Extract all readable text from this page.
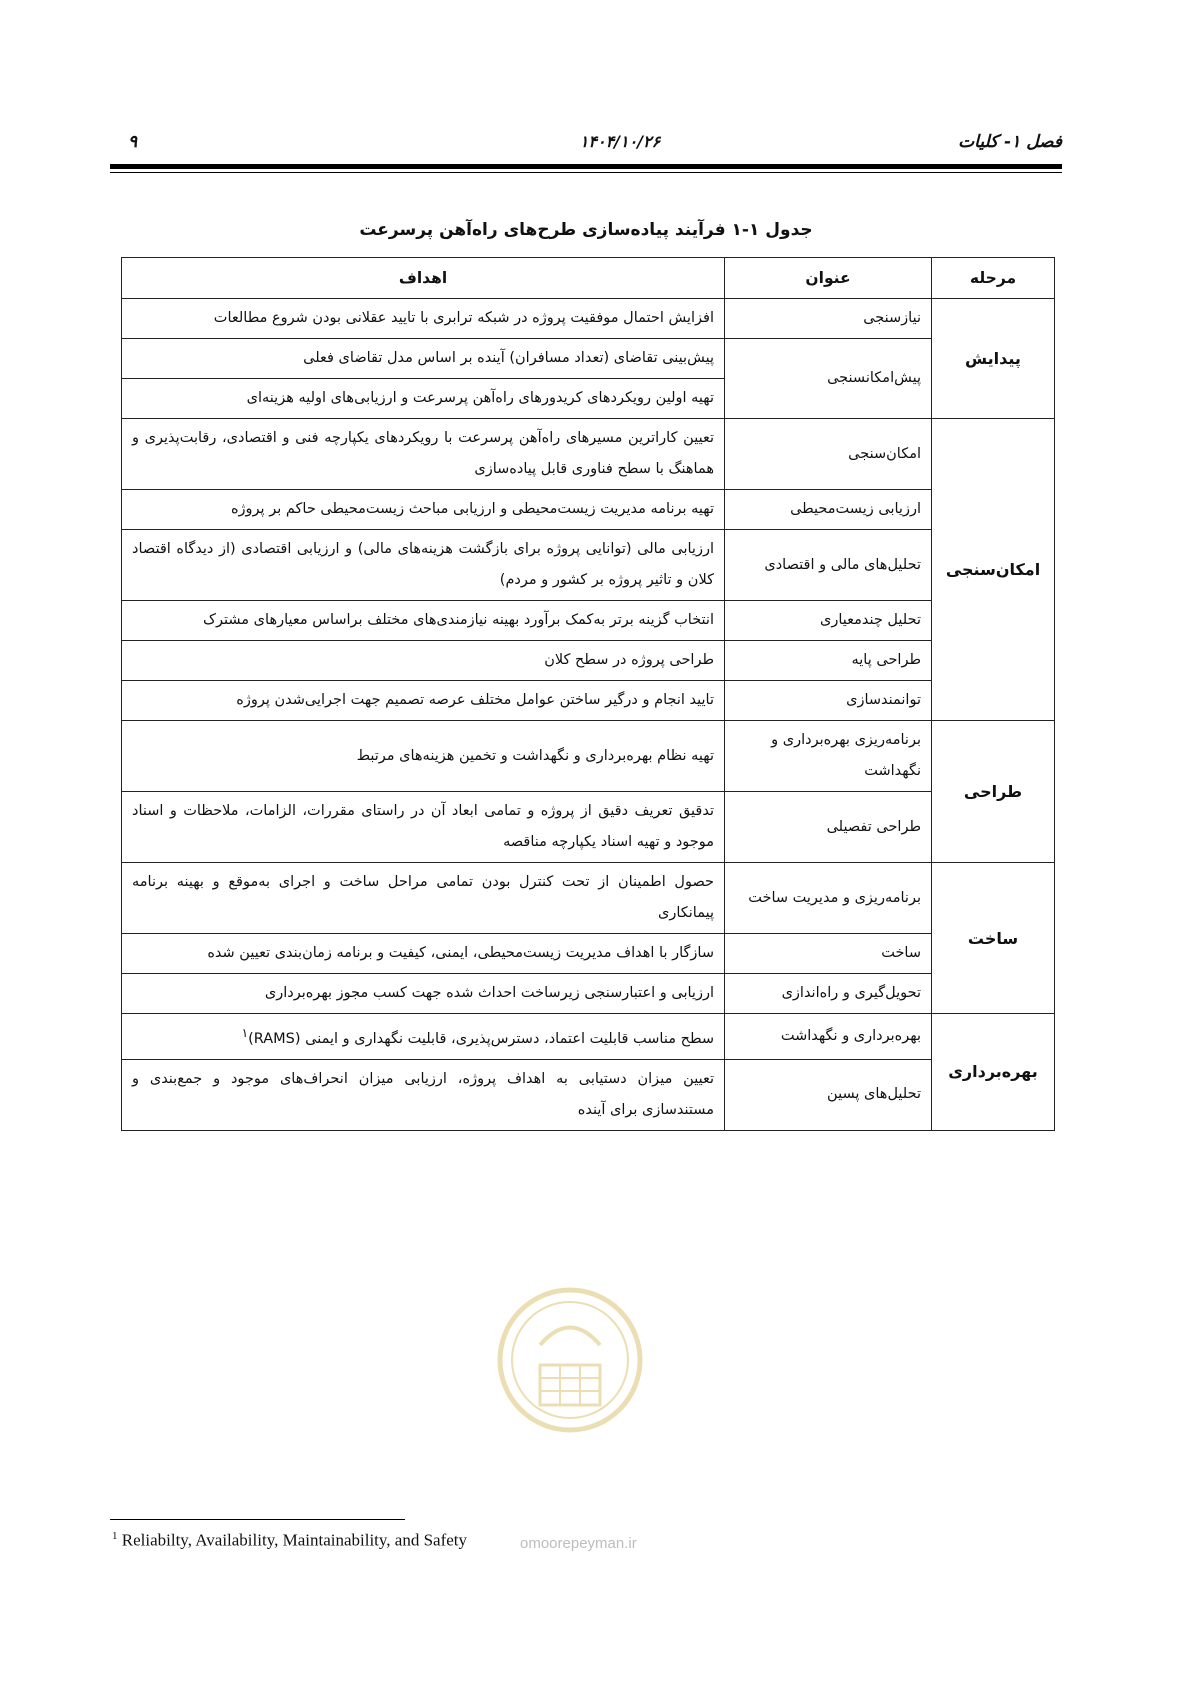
فصل ۱- کلیات
۱۴۰۴/۱۰/۲۶
۹
جدول ۱-۱ فرآیند پیاده‌سازی طرح‌های راه‌آهن پرسرعت
مرحله	عنوان	اهداف
پیدایش	نیازسنجی	افزایش احتمال موفقیت پروژه در شبکه ترابری با تایید عقلانی بودن شروع مطالعات
	پیش‌امکانسنجی	پیش‌بینی تقاضای (تعداد مسافران) آینده بر اساس مدل تقاضای فعلی
		تهیه اولین رویکردهای کریدورهای راه‌آهن پرسرعت و ارزیابی‌های اولیه هزینه‌ای
امکان‌سنجی	امکان‌سنجی	تعیین کاراترین مسیرهای راه‌آهن پرسرعت با رویکردهای یکپارچه فنی و اقتصادی، رقابت‌پذیری و هماهنگ با سطح فناوری قابل پیاده‌سازی
	ارزیابی زیست‌محیطی	تهیه برنامه مدیریت زیست‌محیطی و ارزیابی مباحث زیست‌محیطی حاکم بر پروژه
	تحلیل‌های مالی و اقتصادی	ارزیابی مالی (توانایی پروژه برای بازگشت هزینه‌های مالی) و ارزیابی اقتصادی (از دیدگاه اقتصاد کلان و تاثیر پروژه بر کشور و مردم)
	تحلیل چندمعیاری	انتخاب گزینه برتر به‌کمک برآورد بهینه نیازمندی‌های مختلف براساس معیارهای مشترک
	طراحی پایه	طراحی پروژه در سطح کلان
	توانمندسازی	تایید انجام و درگیر ساختن عوامل مختلف عرصه تصمیم جهت اجرایی‌شدن پروژه
طراحی	برنامه‌ریزی بهره‌برداری و نگهداشت	تهیه نظام بهره‌برداری و نگهداشت و تخمین هزینه‌های مرتبط
	طراحی تفصیلی	تدقیق تعریف دقیق از پروژه و تمامی ابعاد آن در راستای مقررات، الزامات، ملاحظات و اسناد موجود و تهیه اسناد یکپارچه مناقصه
ساخت	برنامه‌ریزی و مدیریت ساخت	حصول اطمینان از تحت کنترل بودن تمامی مراحل ساخت و اجرای به‌موقع و بهینه برنامه پیمانکاری
	ساخت	سازگار با اهداف مدیریت زیست‌محیطی، ایمنی، کیفیت و برنامه زمان‌بندی تعیین شده
	تحویل‌گیری و راه‌اندازی	ارزیابی و اعتبارسنجی زیرساخت احداث شده جهت کسب مجوز بهره‌برداری
بهره‌برداری	بهره‌برداری و نگهداشت	سطح مناسب قابلیت اعتماد، دسترس‌پذیری، قابلیت نگهداری و ایمنی (RAMS)$^۱$
	تحلیل‌های پسین	تعیین میزان دستیابی به اهداف پروژه، ارزیابی میزان انحراف‌های موجود و جمع‌بندی و مستندسازی برای آینده
omoorepeyman.ir
$^1$ Reliabilty, Availability, Maintainability, and Safety
